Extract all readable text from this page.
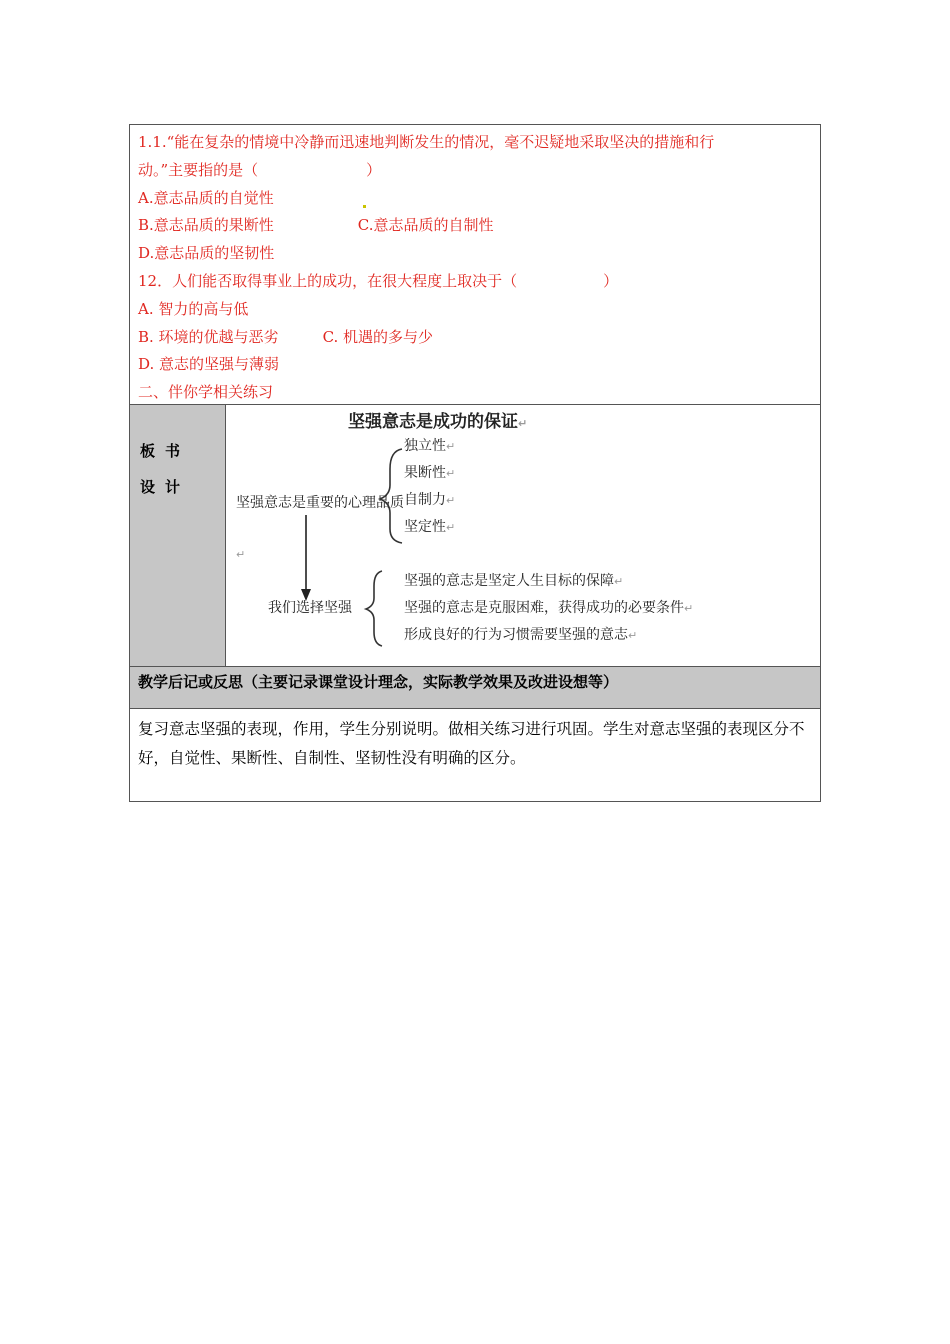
1.1.“能在复杂的情境中冷静而迅速地判断发生的情况，毫不迟疑地采取坚决的措施和行
动。”主要指的是（	）
A.意志品质的自觉性
B.意志品质的果断性	C.意志品质的自制性
D.意志品质的坚韧性
12．人们能否取得事业上的成功，在很大程度上取决于（	）
A. 智力的高与低
B. 环境的优越与恶劣	C. 机遇的多与少
D. 意志的坚强与薄弱
二、伴你学相关练习
板书
设计
坚强意志是成功的保证↵
坚强意志是重要的心理品质
独立性↵
果断性↵
自制力↵
坚定性↵
↵
我们选择坚强
坚强的意志是坚定人生目标的保障↵
坚强的意志是克服困难，获得成功的必要条件↵
形成良好的行为习惯需要坚强的意志↵
教学后记或反思（主要记录课堂设计理念，实际教学效果及改进设想等）
复习意志坚强的表现，作用，学生分别说明。做相关练习进行巩固。学生对意志坚强的表现区分不好，自觉性、果断性、自制性、坚韧性没有明确的区分。
